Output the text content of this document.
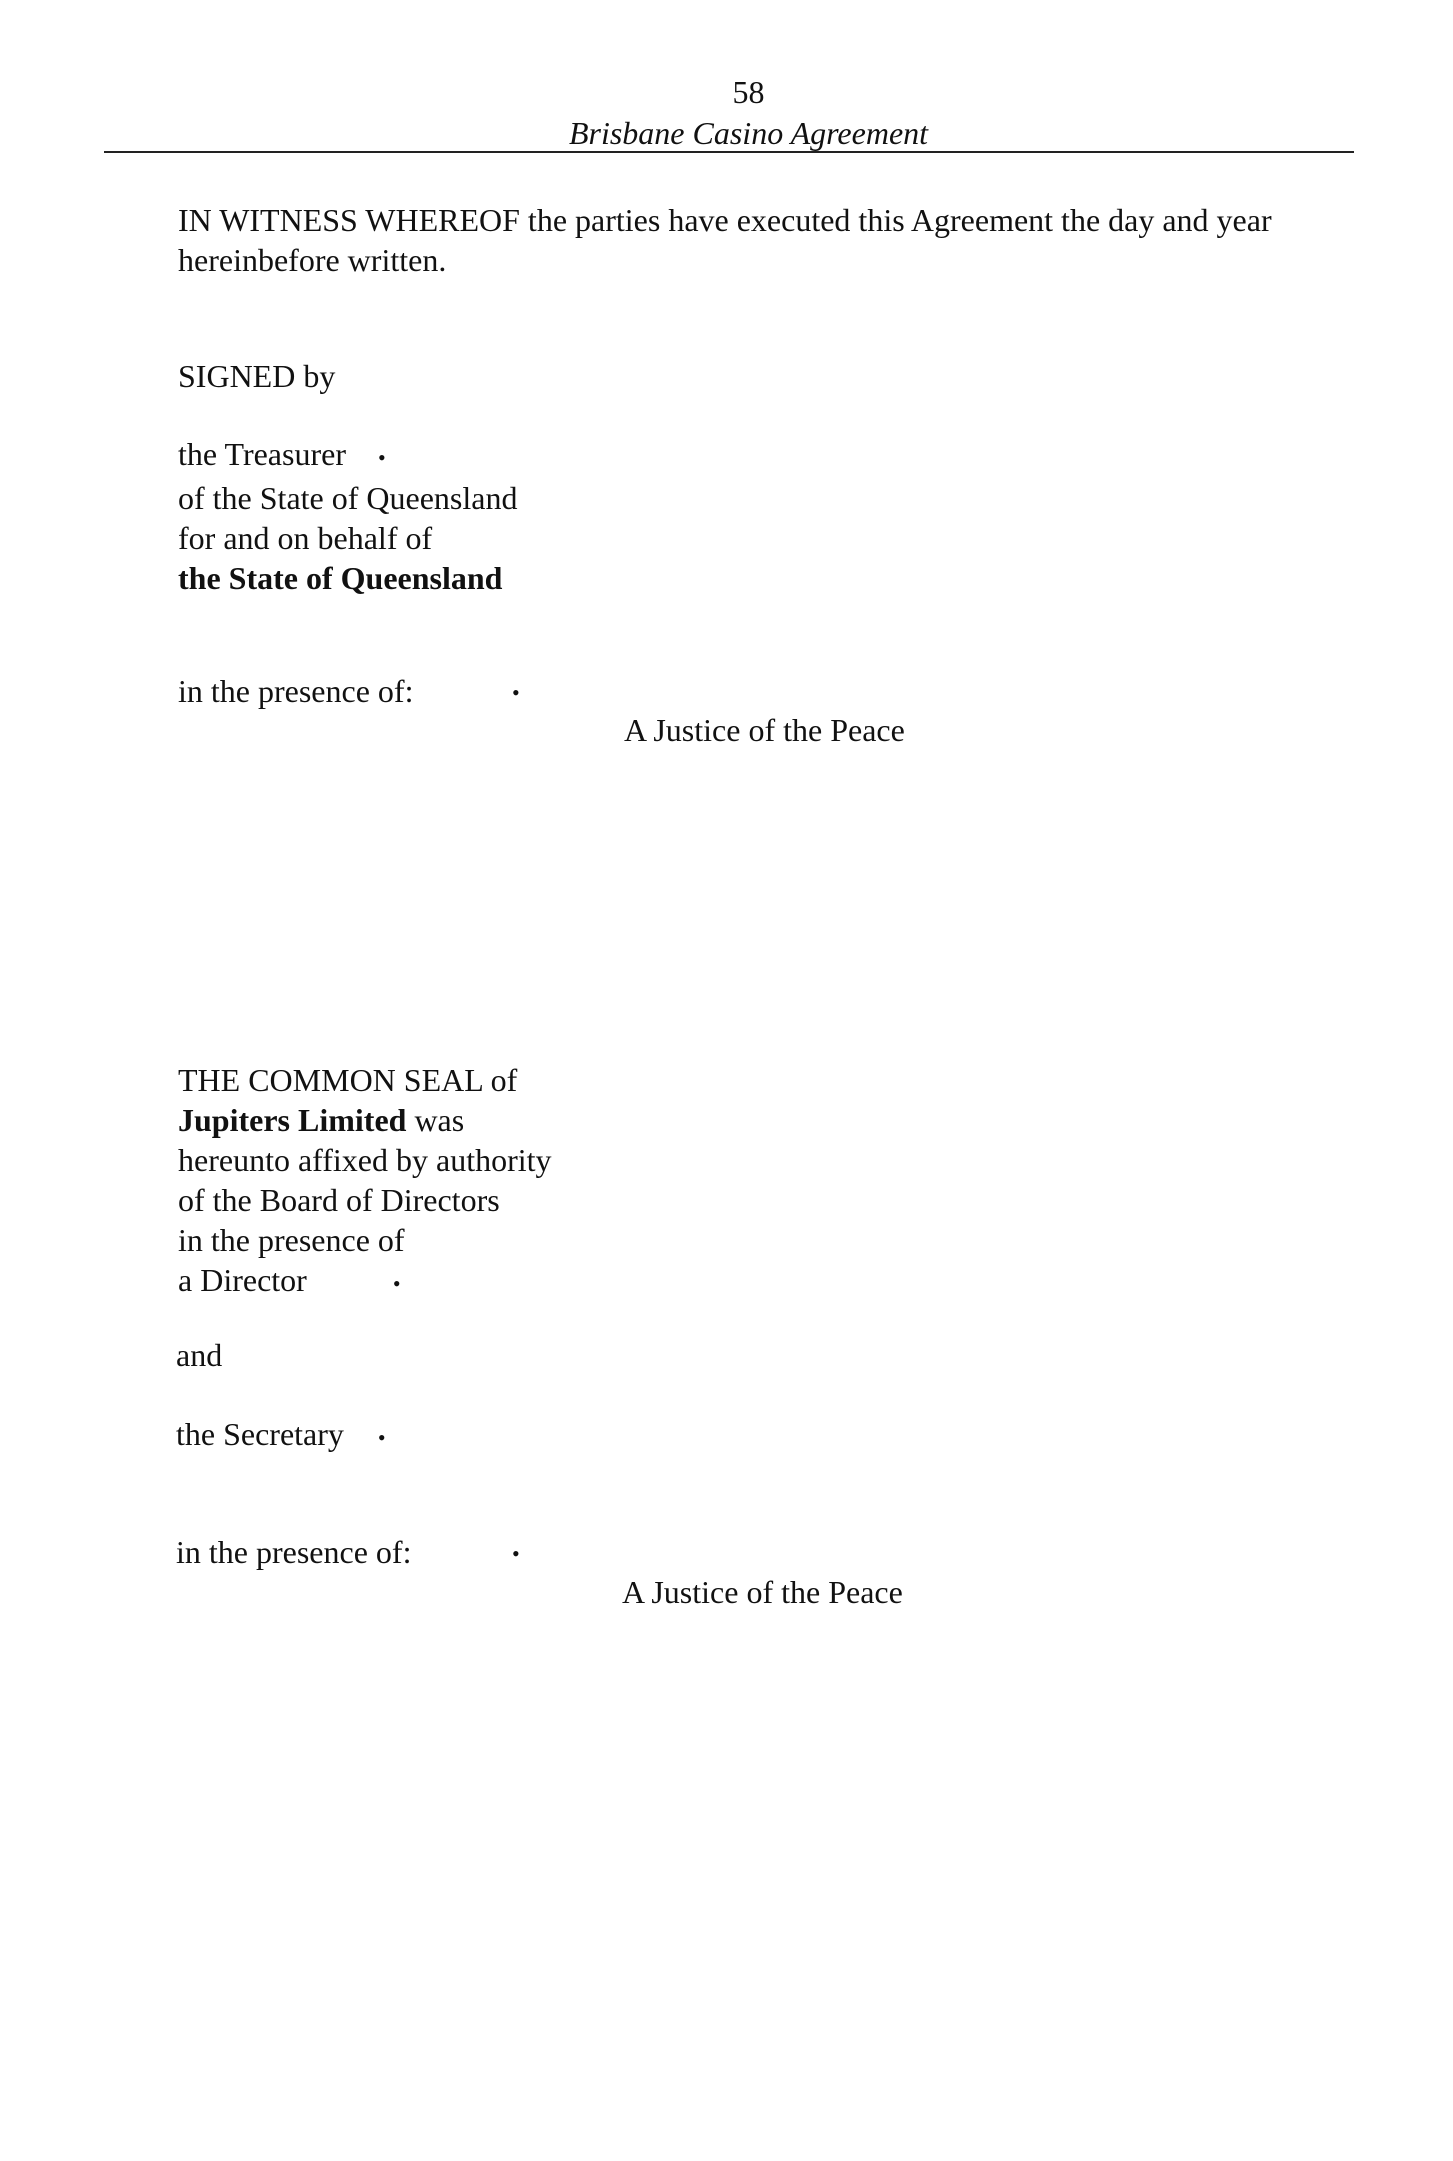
58
Brisbane Casino Agreement
IN WITNESS WHEREOF the parties have executed this Agreement the day and year hereinbefore written.
SIGNED by
the Treasurer •
of the State of Queensland
for and on behalf of
the State of Queensland
in the presence of:	•
A Justice of the Peace
THE COMMON SEAL of
Jupiters Limited was
hereunto affixed by authority
of the Board of Directors
in the presence of
a Director	•
and
the Secretary •
in the presence of:	•
A Justice of the Peace
